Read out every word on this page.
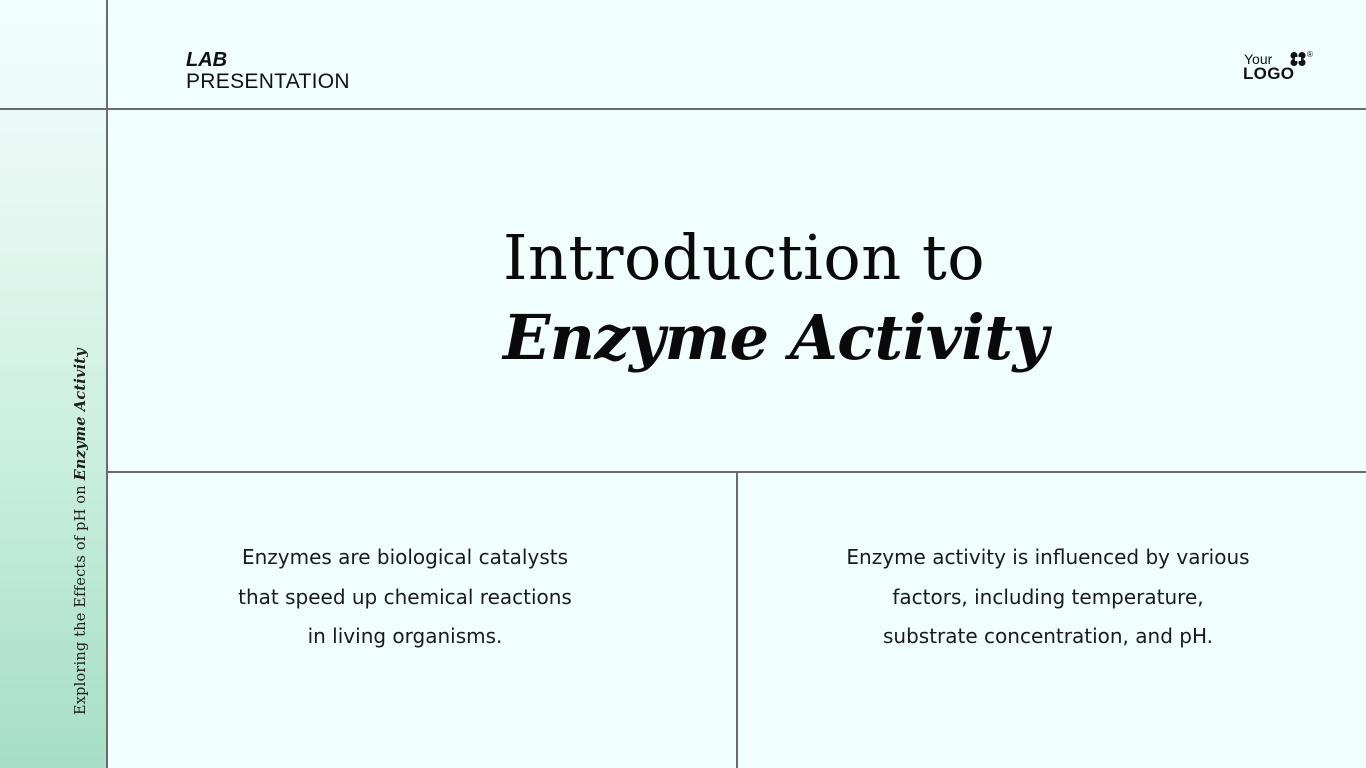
Exploring the Effects of pH on Enzyme Activity
LAB
PRESENTATION
Your	®
LOGO
Introduction to
Enzyme Activity
Enzymes are biological catalysts
that speed up chemical reactions
in living organisms.
Enzyme activity is influenced by various
factors, including temperature,
substrate concentration, and pH.
